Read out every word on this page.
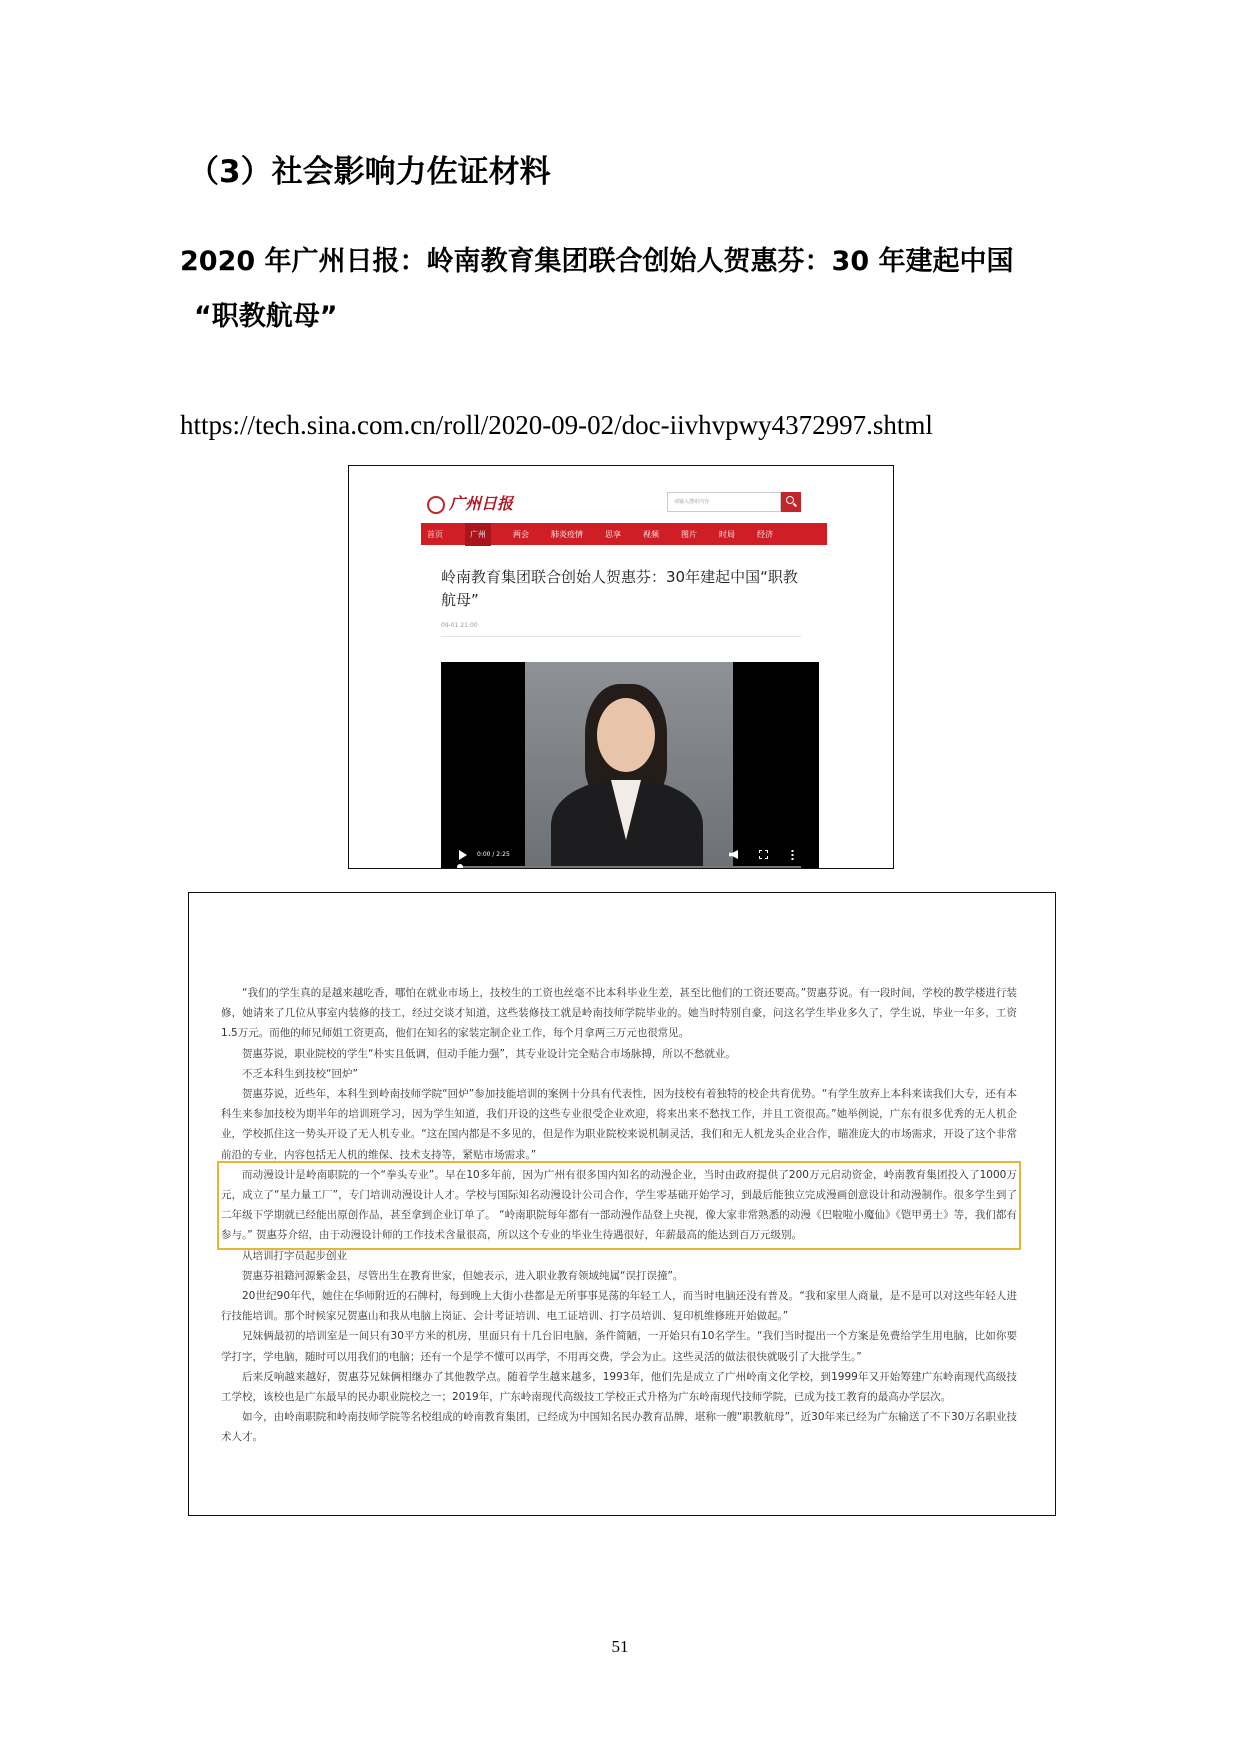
（3）社会影响力佐证材料
2020 年广州日报：岭南教育集团联合创始人贺惠芬：30 年建起中国
“职教航母”
https://tech.sina.com.cn/roll/2020-09-02/doc-iivhvpwy4372997.shtml
广州日报	请输入搜索内容
首页	广州	两会	肺炎疫情	思享	视频	图片	时局	经济
岭南教育集团联合创始人贺惠芬：30年建起中国“职教航母”
09-01 21:00
0:00 / 2:25

“我们的学生真的是越来越吃香，哪怕在就业市场上，技校生的工资也丝毫不比本科毕业生差，甚至比他们的工资还要高。”贺惠芬说。有一段时间，学校的教学楼进行装修，她请来了几位从事室内装修的技工，经过交谈才知道，这些装修技工就是岭南技师学院毕业的。她当时特别自豪，问这名学生毕业多久了，学生说，毕业一年多，工资1.5万元。而他的师兄师姐工资更高，他们在知名的家装定制企业工作，每个月拿两三万元也很常见。

贺惠芬说，职业院校的学生“朴实且低调，但动手能力强”，其专业设计完全贴合市场脉搏，所以不愁就业。

不乏本科生到技校“回炉”

贺惠芬说，近些年，本科生到岭南技师学院“回炉”参加技能培训的案例十分具有代表性，因为技校有着独特的校企共育优势。“有学生放弃上本科来读我们大专，还有本科生来参加技校为期半年的培训班学习，因为学生知道，我们开设的这些专业很受企业欢迎，将来出来不愁找工作，并且工资很高。”她举例说，广东有很多优秀的无人机企业，学校抓住这一势头开设了无人机专业。“这在国内都是不多见的，但是作为职业院校来说机制灵活，我们和无人机龙头企业合作，瞄准庞大的市场需求，开设了这个非常前沿的专业，内容包括无人机的维保、技术支持等，紧贴市场需求。”

而动漫设计是岭南职院的一个“拳头专业”。早在10多年前，因为广州有很多国内知名的动漫企业，当时由政府提供了200万元启动资金，岭南教育集团投入了1000万元，成立了“星力量工厂”，专门培训动漫设计人才。学校与国际知名动漫设计公司合作，学生零基础开始学习，到最后能独立完成漫画创意设计和动漫制作。很多学生到了二年级下学期就已经能出原创作品，甚至拿到企业订单了。 “岭南职院每年都有一部动漫作品登上央视，像大家非常熟悉的动漫《巴啦啦小魔仙》《铠甲勇士》等，我们都有参与。” 贺惠芬介绍，由于动漫设计师的工作技术含量很高，所以这个专业的毕业生待遇很好，年薪最高的能达到百万元级别。

从培训打字员起步创业

贺惠芬祖籍河源紫金县，尽管出生在教育世家，但她表示，进入职业教育领域纯属“误打误撞”。

20世纪90年代，她住在华师附近的石牌村，每到晚上大街小巷都是无所事事晃荡的年轻工人，而当时电脑还没有普及。“我和家里人商量，是不是可以对这些年轻人进行技能培训。那个时候家兄贺惠山和我从电脑上岗证、会计考证培训、电工证培训、打字员培训、复印机维修班开始做起。”

兄妹俩最初的培训室是一间只有30平方米的机房，里面只有十几台旧电脑，条件简陋，一开始只有10名学生。“我们当时提出一个方案是免费给学生用电脑，比如你要学打字，学电脑，随时可以用我们的电脑；还有一个是学不懂可以再学，不用再交费，学会为止。这些灵活的做法很快就吸引了大批学生。”

后来反响越来越好，贺惠芬兄妹俩相继办了其他教学点。随着学生越来越多，1993年，他们先是成立了广州岭南文化学校，到1999年又开始筹建广东岭南现代高级技工学校，该校也是广东最早的民办职业院校之一；2019年，广东岭南现代高级技工学校正式升格为广东岭南现代技师学院，已成为技工教育的最高办学层次。

如今，由岭南职院和岭南技师学院等名校组成的岭南教育集团，已经成为中国知名民办教育品牌，堪称一艘“职教航母”，近30年来已经为广东输送了不下30万名职业技术人才。

51
